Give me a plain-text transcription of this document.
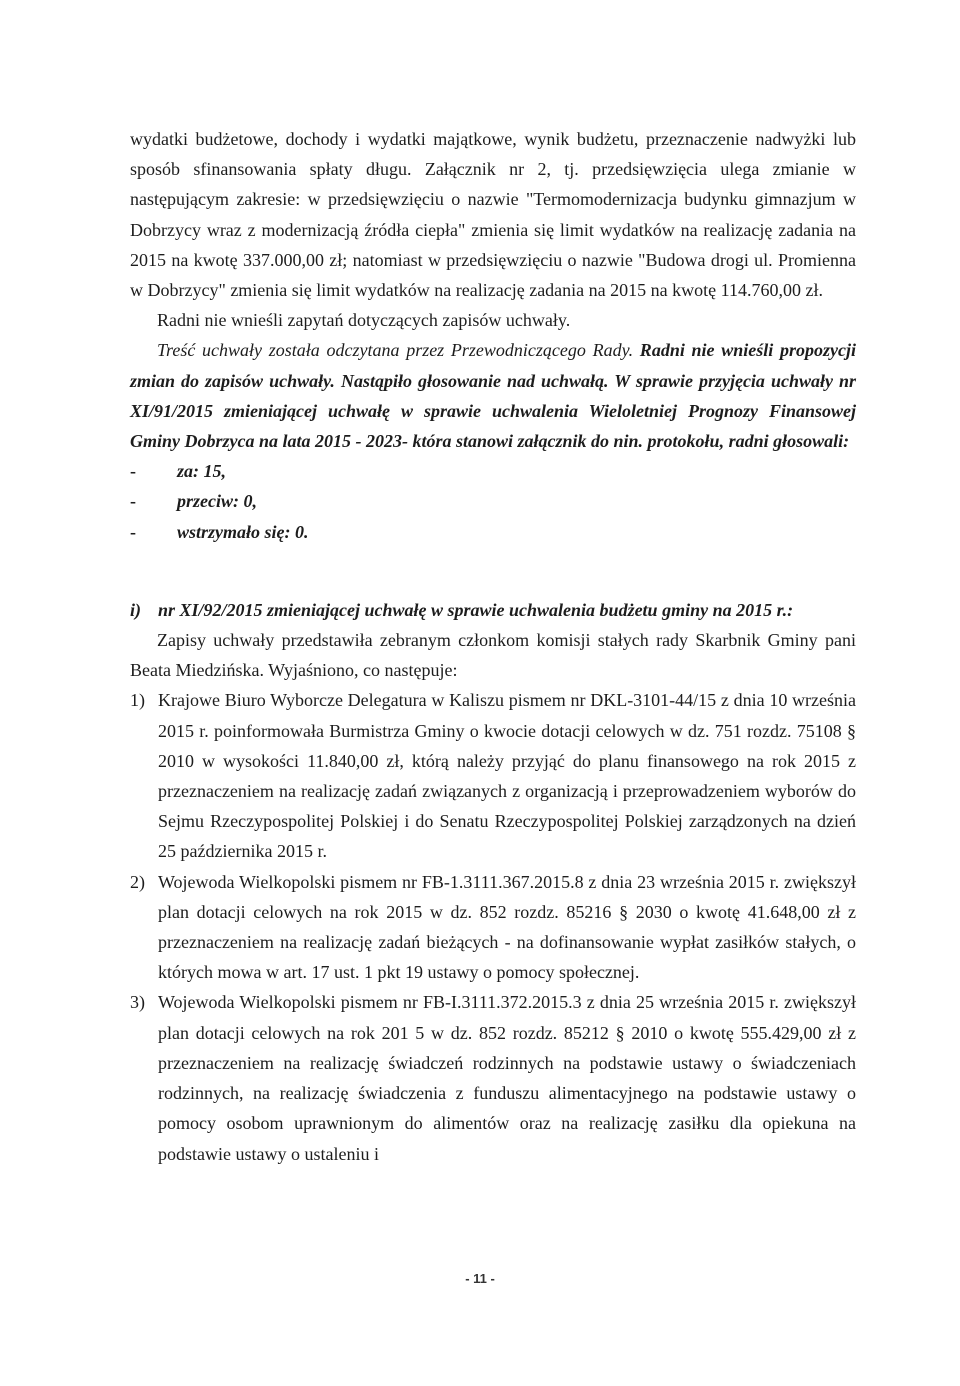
wydatki budżetowe, dochody i wydatki majątkowe, wynik budżetu, przeznaczenie nadwyżki lub sposób sfinansowania spłaty długu. Załącznik nr 2, tj. przedsięwzięcia ulega zmianie w następującym zakresie: w przedsięwzięciu o nazwie "Termomodernizacja budynku gimnazjum w Dobrzycy wraz z modernizacją źródła ciepła" zmienia się limit wydatków na realizację zadania na 2015 na kwotę 337.000,00 zł; natomiast w przedsięwzięciu o nazwie "Budowa drogi ul. Promienna w Dobrzycy" zmienia się limit wydatków na realizację zadania na 2015 na kwotę 114.760,00 zł.

Radni nie wnieśli zapytań dotyczących zapisów uchwały.

Treść uchwały została odczytana przez Przewodniczącego Rady. Radni nie wnieśli propozycji zmian do zapisów uchwały. Nastąpiło głosowanie nad uchwałą. W sprawie przyjęcia uchwały nr XI/91/2015 zmieniającej uchwałę w sprawie uchwalenia Wieloletniej Prognozy Finansowej Gminy Dobrzyca na lata 2015 - 2023- która stanowi załącznik do nin. protokołu, radni głosowali:

- za: 15,
- przeciw: 0,
- wstrzymało się: 0.
i) nr XI/92/2015 zmieniającej uchwałę w sprawie uchwalenia budżetu gminy na 2015 r.:

Zapisy uchwały przedstawiła zebranym członkom komisji stałych rady Skarbnik Gminy pani Beata Miedzińska. Wyjaśniono, co następuje:

1) Krajowe Biuro Wyborcze Delegatura w Kaliszu pismem nr DKL-3101-44/15 z dnia 10 września 2015 r. poinformowała Burmistrza Gminy o kwocie dotacji celowych w dz. 751 rozdz. 75108 § 2010 w wysokości 11.840,00 zł, którą należy przyjąć do planu finansowego na rok 2015 z przeznaczeniem na realizację zadań związanych z organizacją i przeprowadzeniem wyborów do Sejmu Rzeczypospolitej Polskiej i do Senatu Rzeczypospolitej Polskiej zarządzonych na dzień 25 października 2015 r.
2) Wojewoda Wielkopolski pismem nr FB-1.3111.367.2015.8 z dnia 23 września 2015 r. zwiększył plan dotacji celowych na rok 2015 w dz. 852 rozdz. 85216 § 2030 o kwotę 41.648,00 zł z przeznaczeniem na realizację zadań bieżących - na dofinansowanie wypłat zasiłków stałych, o których mowa w art. 17 ust. 1 pkt 19 ustawy o pomocy społecznej.
3) Wojewoda Wielkopolski pismem nr FB-I.3111.372.2015.3 z dnia 25 września 2015 r. zwiększył plan dotacji celowych na rok 201 5 w dz. 852 rozdz. 85212 § 2010 o kwotę 555.429,00 zł z przeznaczeniem na realizację świadczeń rodzinnych na podstawie ustawy o świadczeniach rodzinnych, na realizację świadczenia z funduszu alimentacyjnego na podstawie ustawy o pomocy osobom uprawnionym do alimentów oraz na realizację zasiłku dla opiekuna na podstawie ustawy o ustaleniu i
- 11 -
